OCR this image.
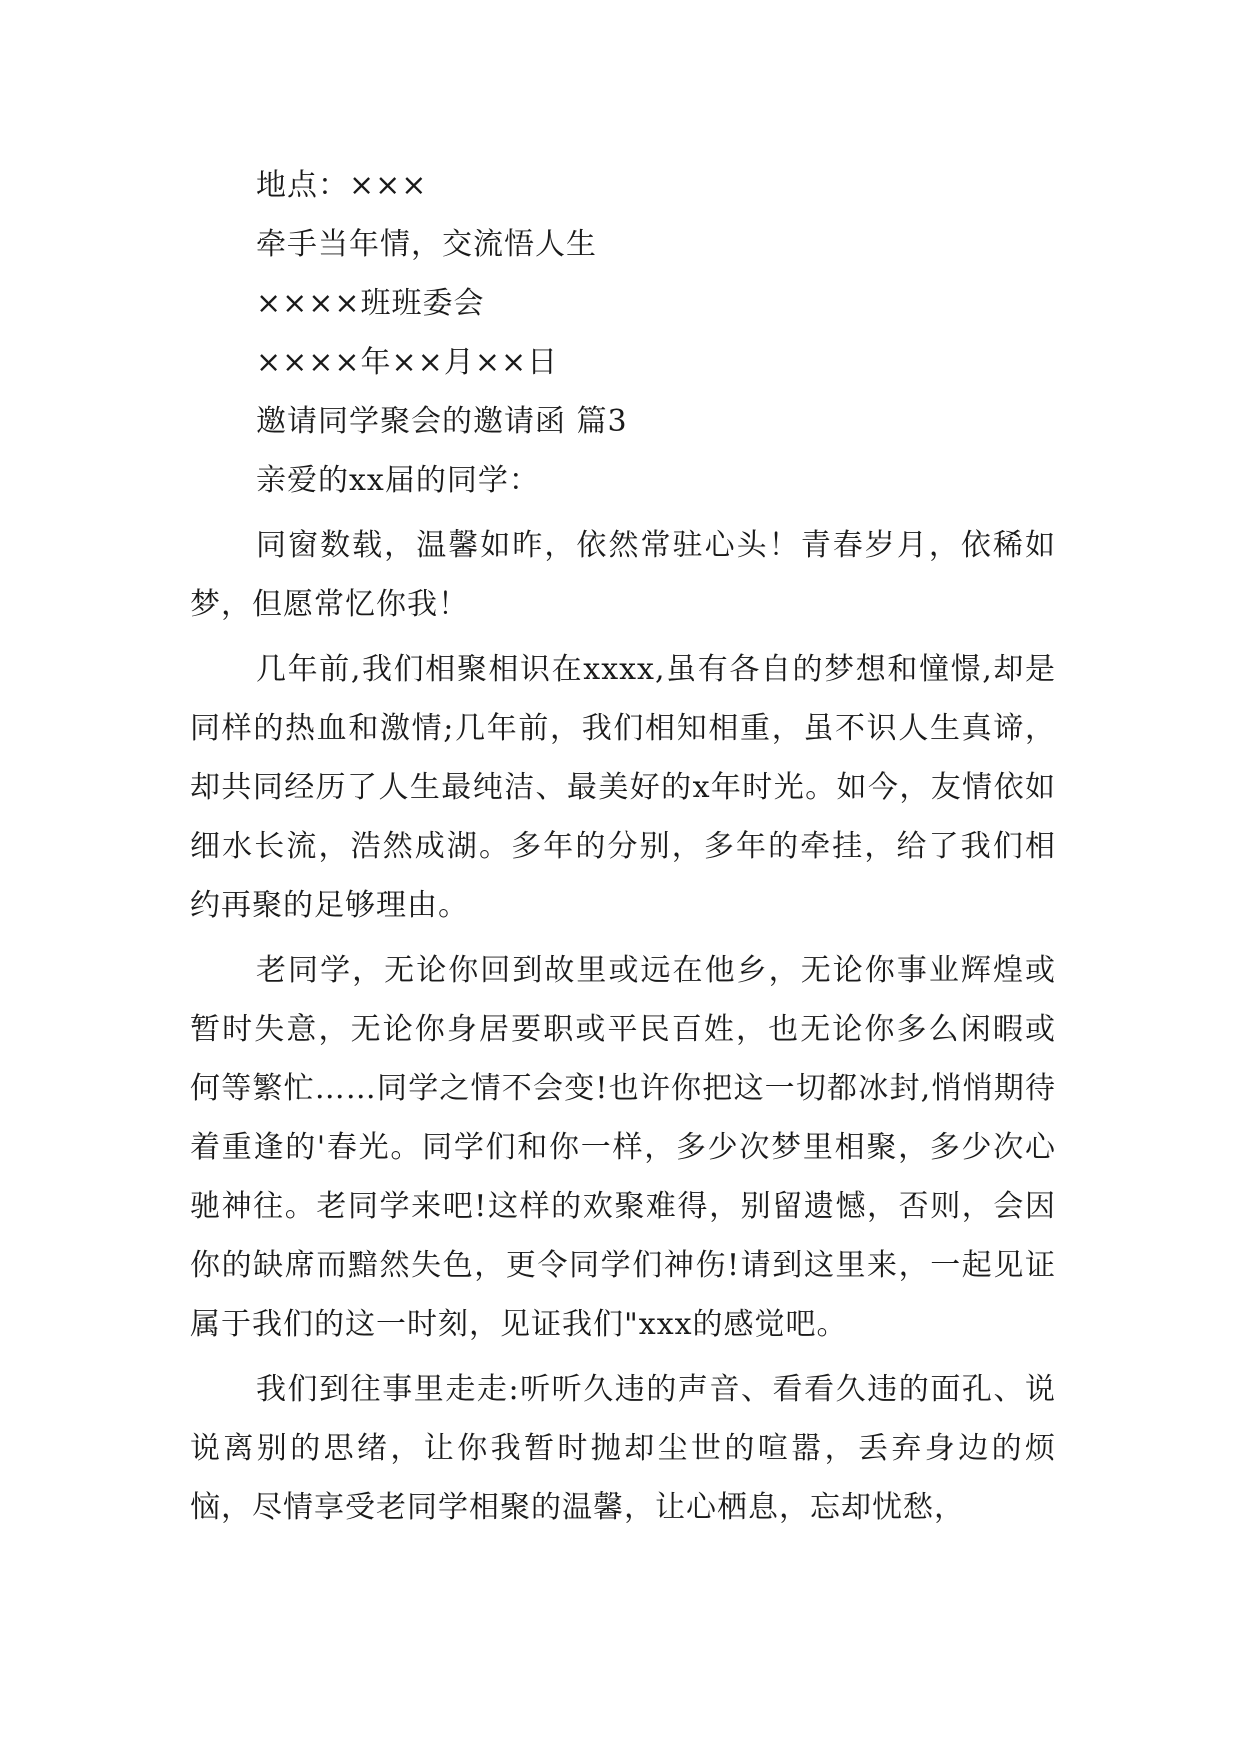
地点：×××

牵手当年情，交流悟人生

××××班班委会

××××年××月××日

邀请同学聚会的邀请函 篇3

亲爱的xx届的同学：

同窗数载，温馨如昨，依然常驻心头！青春岁月，依稀如梦，但愿常忆你我！

几年前,我们相聚相识在xxxx,虽有各自的梦想和憧憬,却是同样的热血和激情;几年前，我们相知相重，虽不识人生真谛，却共同经历了人生最纯洁、最美好的x年时光。如今，友情依如细水长流，浩然成湖。多年的分别，多年的牵挂，给了我们相约再聚的足够理由。

老同学，无论你回到故里或远在他乡，无论你事业辉煌或暂时失意，无论你身居要职或平民百姓，也无论你多么闲暇或何等繁忙……同学之情不会变!也许你把这一切都冰封,悄悄期待着重逢的'春光。同学们和你一样，多少次梦里相聚，多少次心驰神往。老同学来吧!这样的欢聚难得，别留遗憾，否则，会因你的缺席而黯然失色，更令同学们神伤!请到这里来，一起见证属于我们的这一时刻，见证我们"xxx的感觉吧。

我们到往事里走走:听听久违的声音、看看久违的面孔、说说离别的思绪，让你我暂时抛却尘世的喧嚣，丢弃身边的烦恼，尽情享受老同学相聚的温馨，让心栖息，忘却忧愁，
